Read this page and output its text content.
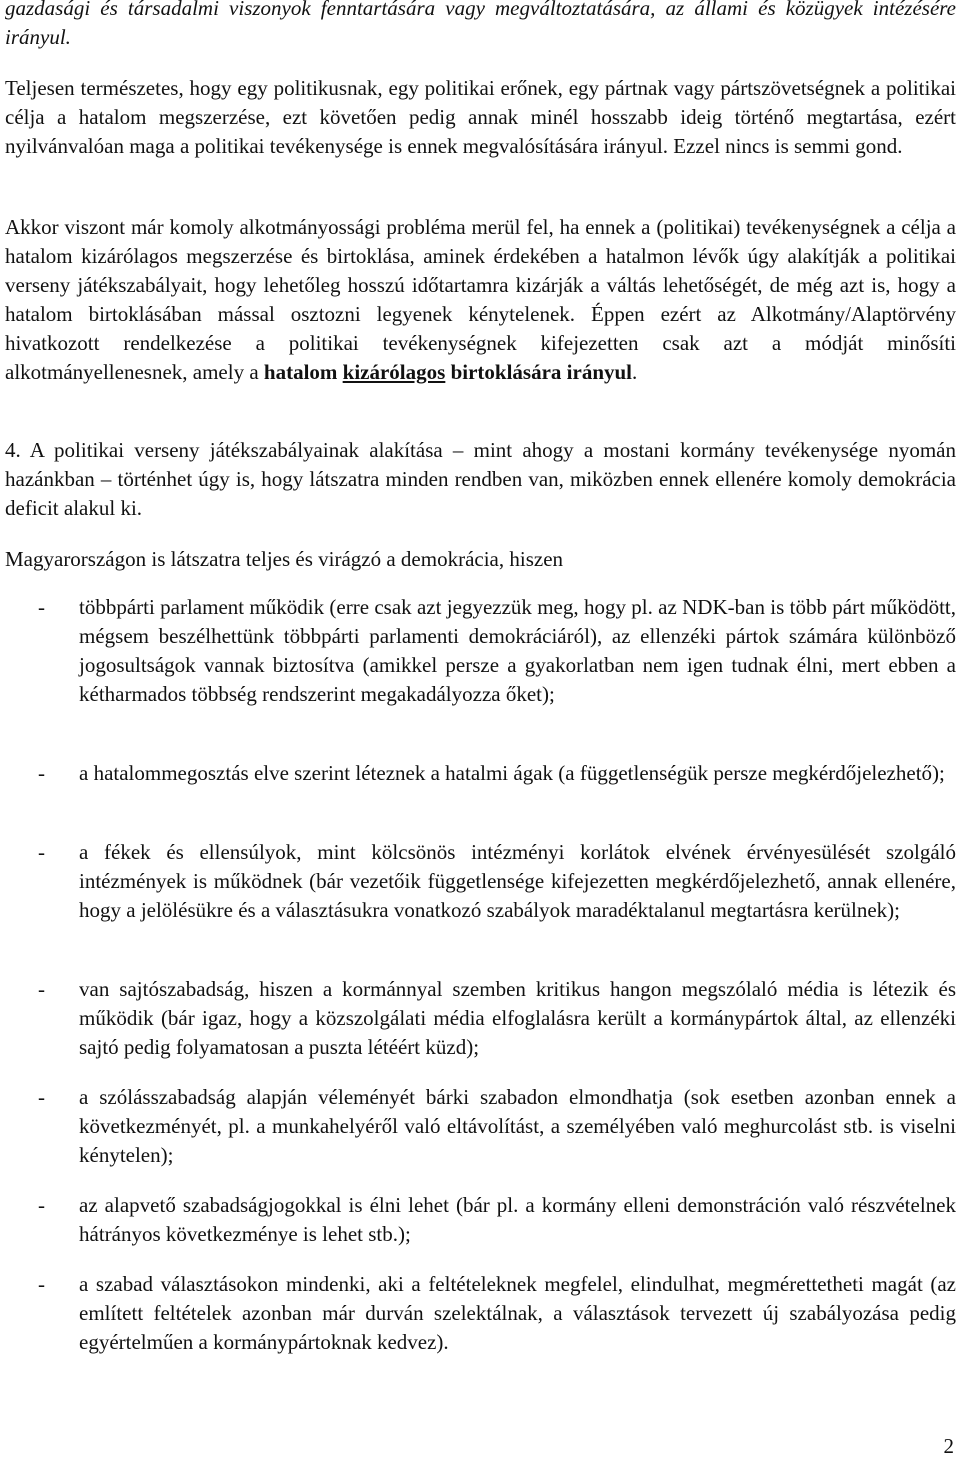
gazdasági és társadalmi viszonyok fenntartására vagy megváltoztatására, az állami és közügyek intézésére irányul.

Teljesen természetes, hogy egy politikusnak, egy politikai erőnek, egy pártnak vagy pártszövetségnek a politikai célja a hatalom megszerzése, ezt követően pedig annak minél hosszabb ideig történő megtartása, ezért nyilvánvalóan maga a politikai tevékenysége is ennek megvalósítására irányul. Ezzel nincs is semmi gond.

Akkor viszont már komoly alkotmányossági probléma merül fel, ha ennek a (politikai) tevékenységnek a célja a hatalom kizárólagos megszerzése és birtoklása, aminek érdekében a hatalmon lévők úgy alakítják a politikai verseny játékszabályait, hogy lehetőleg hosszú időtartamra kizárják a váltás lehetőségét, de még azt is, hogy a hatalom birtoklásában mással osztozni legyenek kénytelenek. Éppen ezért az Alkotmány/Alaptörvény hivatkozott rendelkezése a politikai tevékenységnek kifejezetten csak azt a módját minősíti alkotmányellenesnek, amely a hatalom kizárólagos birtoklására irányul.

4. A politikai verseny játékszabályainak alakítása – mint ahogy a mostani kormány tevékenysége nyomán hazánkban – történhet úgy is, hogy látszatra minden rendben van, miközben ennek ellenére komoly demokrácia deficit alakul ki.

Magyarországon is látszatra teljes és virágzó a demokrácia, hiszen

- többpárti parlament működik (erre csak azt jegyezzük meg, hogy pl. az NDK-ban is több párt működött, mégsem beszélhettünk többpárti parlamenti demokráciáról), az ellenzéki pártok számára különböző jogosultságok vannak biztosítva (amikkel persze a gyakorlatban nem igen tudnak élni, mert ebben a kétharmados többség rendszerint megakadályozza őket);
- a hatalommegosztás elve szerint léteznek a hatalmi ágak (a függetlenségük persze megkérdőjelezhető);
- a fékek és ellensúlyok, mint kölcsönös intézményi korlátok elvének érvényesülését szolgáló intézmények is működnek (bár vezetőik függetlensége kifejezetten megkérdőjelezhető, annak ellenére, hogy a jelölésükre és a választásukra vonatkozó szabályok maradéktalanul megtartásra kerülnek);
- van sajtószabadság, hiszen a kormánnyal szemben kritikus hangon megszólaló média is létezik és működik (bár igaz, hogy a közszolgálati média elfoglalásra került a kormánypártok által, az ellenzéki sajtó pedig folyamatosan a puszta létéért küzd);
- a szólásszabadság alapján véleményét bárki szabadon elmondhatja (sok esetben azonban ennek a következményét, pl. a munkahelyéről való eltávolítást, a személyében való meghurcolást stb. is viselni kénytelen);
- az alapvető szabadságjogokkal is élni lehet (bár pl. a kormány elleni demonstráción való részvételnek hátrányos következménye is lehet stb.);
- a szabad választásokon mindenki, aki a feltételeknek megfelel, elindulhat, megmérettetheti magát (az említett feltételek azonban már durván szelektálnak, a választások tervezett új szabályozása pedig egyértelműen a kormánypártoknak kedvez).
2
